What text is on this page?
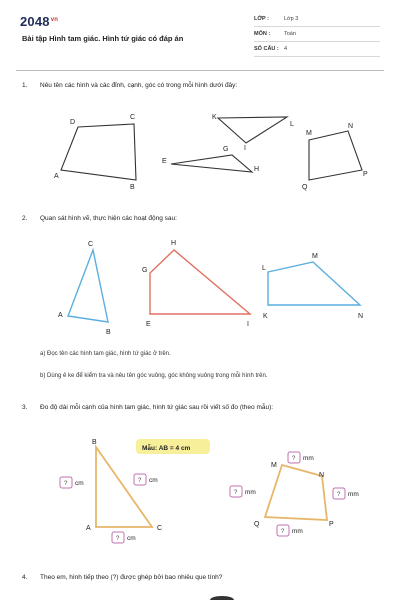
$2048^{vn}$
Bài tập Hình tam giác. Hình tứ giác có đáp án
LỚP :	Lớp 3
MÔN :	Toán
SỐ CÂU : 4
1. Nêu tên các hình và các đỉnh, cạnh, góc có trong mỗi hình dưới đây:
2. Quan sát hình vẽ, thực hiện các hoạt động sau:
a) Đọc tên các hình tam giác, hình tứ giác ở trên.
b) Dùng ê ke để kiểm tra và nêu tên góc vuông, góc không vuông trong mỗi hình trên.
3. Đo độ dài mỗi cạnh của hình tam giác, hình tứ giác sau rồi viết số đo (theo mẫu):
4. Theo em, hình tiếp theo (?) được ghép bởi bao nhiêu que tính?
D
C
A
B
K
L
I
E
G
H
M
N
P
Q
C
A
B
H
G
E	I
L
M
K	N
B
A	C
Mẫu: AB = 4 cm
? cm	? cm
? cm
M
N
P
Q
? mm
? mm	? mm
? mm
